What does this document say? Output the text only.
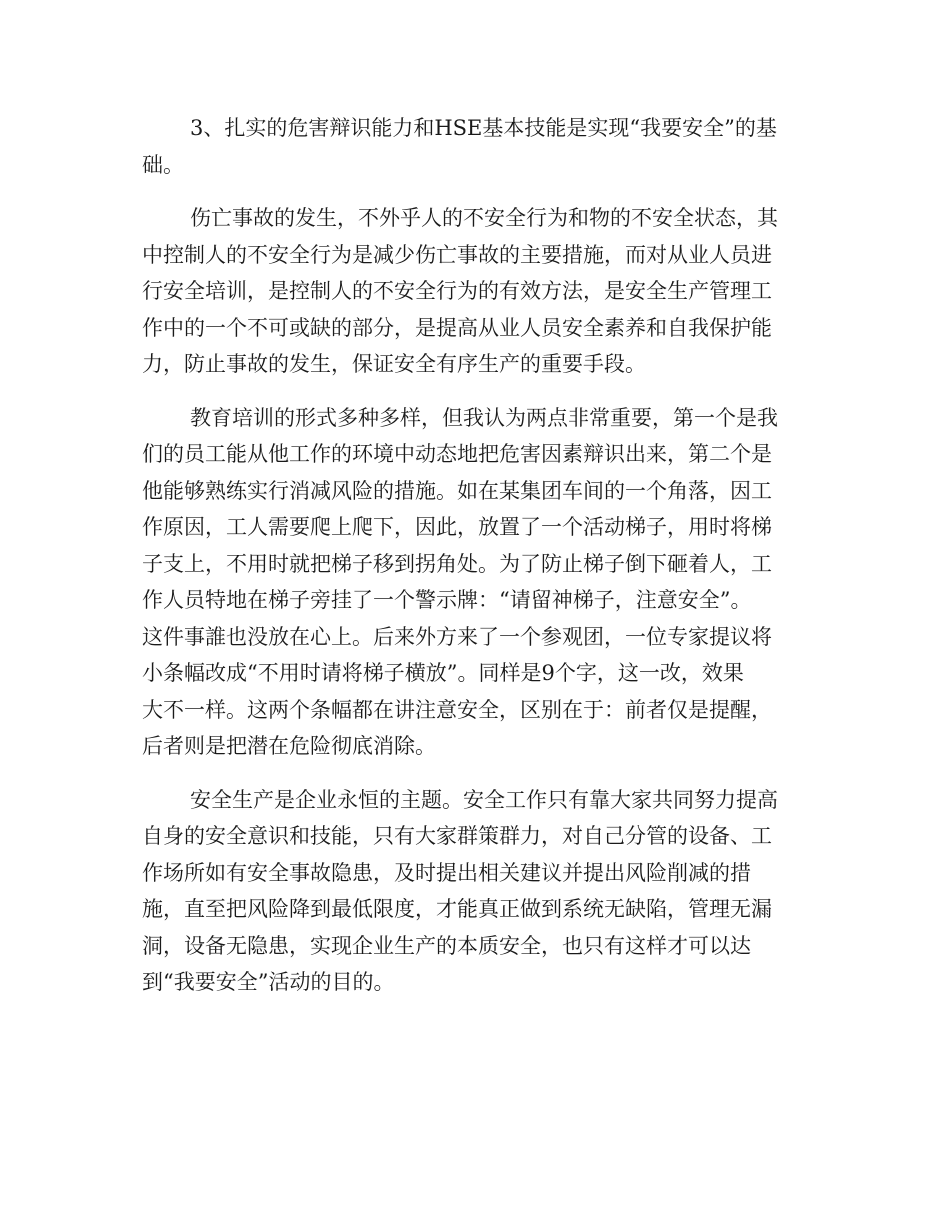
3、扎实的危害辩识能力和HSE基本技能是实现“我要安全”的基
础。

伤亡事故的发生，不外乎人的不安全行为和物的不安全状态，其
中控制人的不安全行为是减少伤亡事故的主要措施，而对从业人员进
行安全培训，是控制人的不安全行为的有效方法，是安全生产管理工
作中的一个不可或缺的部分，是提高从业人员安全素养和自我保护能
力，防止事故的发生，保证安全有序生产的重要手段。

教育培训的形式多种多样，但我认为两点非常重要，第一个是我
们的员工能从他工作的环境中动态地把危害因素辩识出来，第二个是
他能够熟练实行消减风险的措施。如在某集团车间的一个角落，因工
作原因，工人需要爬上爬下，因此，放置了一个活动梯子，用时将梯
子支上，不用时就把梯子移到拐角处。为了防止梯子倒下砸着人，工
作人员特地在梯子旁挂了一个警示牌：“请留神梯子，注意安全”。
这件事誰也没放在心上。后来外方来了一个参观团，一位专家提议将
小条幅改成“不用时请将梯子横放”。同样是9个字，这一改，效果
大不一样。这两个条幅都在讲注意安全，区别在于：前者仅是提醒，
后者则是把潜在危险彻底消除。

安全生产是企业永恒的主题。安全工作只有靠大家共同努力提高
自身的安全意识和技能，只有大家群策群力，对自己分管的设备、工
作场所如有安全事故隐患，及时提出相关建议并提出风险削减的措
施，直至把风险降到最低限度，才能真正做到系统无缺陷，管理无漏
洞，设备无隐患，实现企业生产的本质安全，也只有这样才可以达
到“我要安全”活动的目的。
